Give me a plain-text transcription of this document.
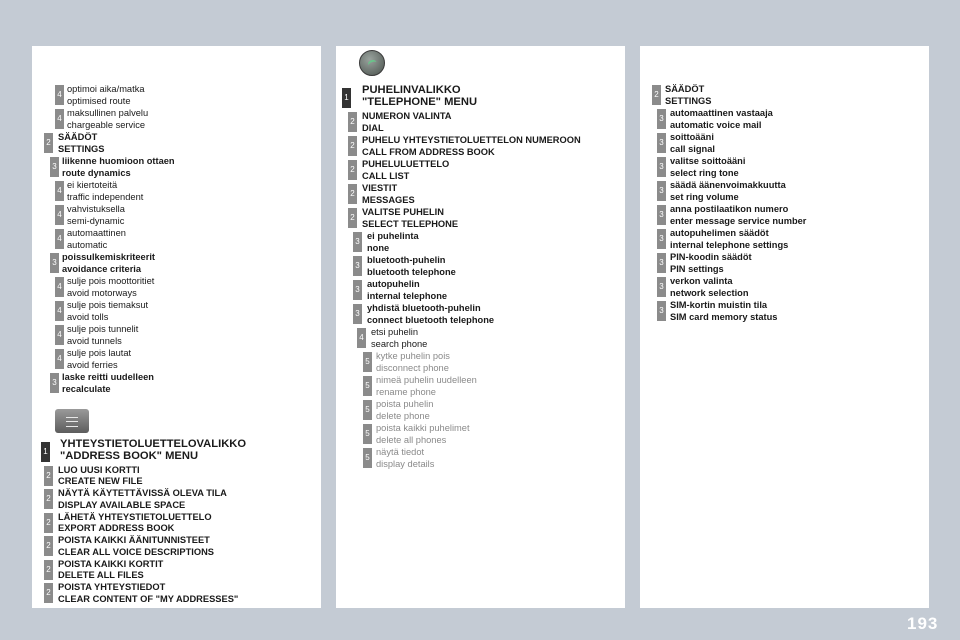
4
optimoi aika/matka
optimised route
4
maksullinen palvelu
chargeable service
2
SÄÄDÖT
SETTINGS
3
liikenne huomioon ottaen
route dynamics
4
ei kiertoteitä
traffic independent
4
vahvistuksella
semi-dynamic
4
automaattinen
automatic
3
poissulkemiskriteerit
avoidance criteria
4
sulje pois moottoritiet
avoid motorways
4
sulje pois tiemaksut
avoid tolls
4
sulje pois tunnelit
avoid tunnels
4
sulje pois lautat
avoid ferries
3
laske reitti uudelleen
recalculate
1
YHTEYSTIETOLUETTELOVALIKKO
"ADDRESS BOOK" MENU
2
LUO UUSI KORTTI
CREATE NEW FILE
2
NÄYTÄ KÄYTETTÄVISSÄ OLEVA TILA
DISPLAY AVAILABLE SPACE
2
LÄHETÄ YHTEYSTIETOLUETTELO
EXPORT ADDRESS BOOK
2
POISTA KAIKKI ÄÄNITUNNISTEET
CLEAR ALL VOICE DESCRIPTIONS
2
POISTA KAIKKI KORTIT
DELETE ALL FILES
2
POISTA YHTEYSTIEDOT
CLEAR CONTENT OF "MY ADDRESSES"
1
PUHELINVALIKKO
"TELEPHONE" MENU
2
NUMERON VALINTA
DIAL
2
PUHELU YHTEYSTIETOLUETTELON NUMEROON
CALL FROM ADDRESS BOOK
2
PUHELULUETTELO
CALL LIST
2
VIESTIT
MESSAGES
2
VALITSE PUHELIN
SELECT TELEPHONE
3
ei puhelinta
none
3
bluetooth-puhelin
bluetooth telephone
3
autopuhelin
internal telephone
3
yhdistä bluetooth-puhelin
connect bluetooth telephone
4
etsi puhelin
search phone
5
kytke puhelin pois
disconnect phone
5
nimeä puhelin uudelleen
rename phone
5
poista puhelin
delete phone
5
poista kaikki puhelimet
delete all phones
5
näytä tiedot
display details
2
SÄÄDÖT
SETTINGS
3
automaattinen vastaaja
automatic voice mail
3
soittoääni
call signal
3
valitse soittoääni
select ring tone
3
säädä äänenvoimakkuutta
set ring volume
3
anna postilaatikon numero
enter message service number
3
autopuhelimen säädöt
internal telephone settings
3
PIN-koodin säädöt
PIN settings
3
verkon valinta
network selection
3
SIM-kortin muistin tila
SIM card memory status
193
